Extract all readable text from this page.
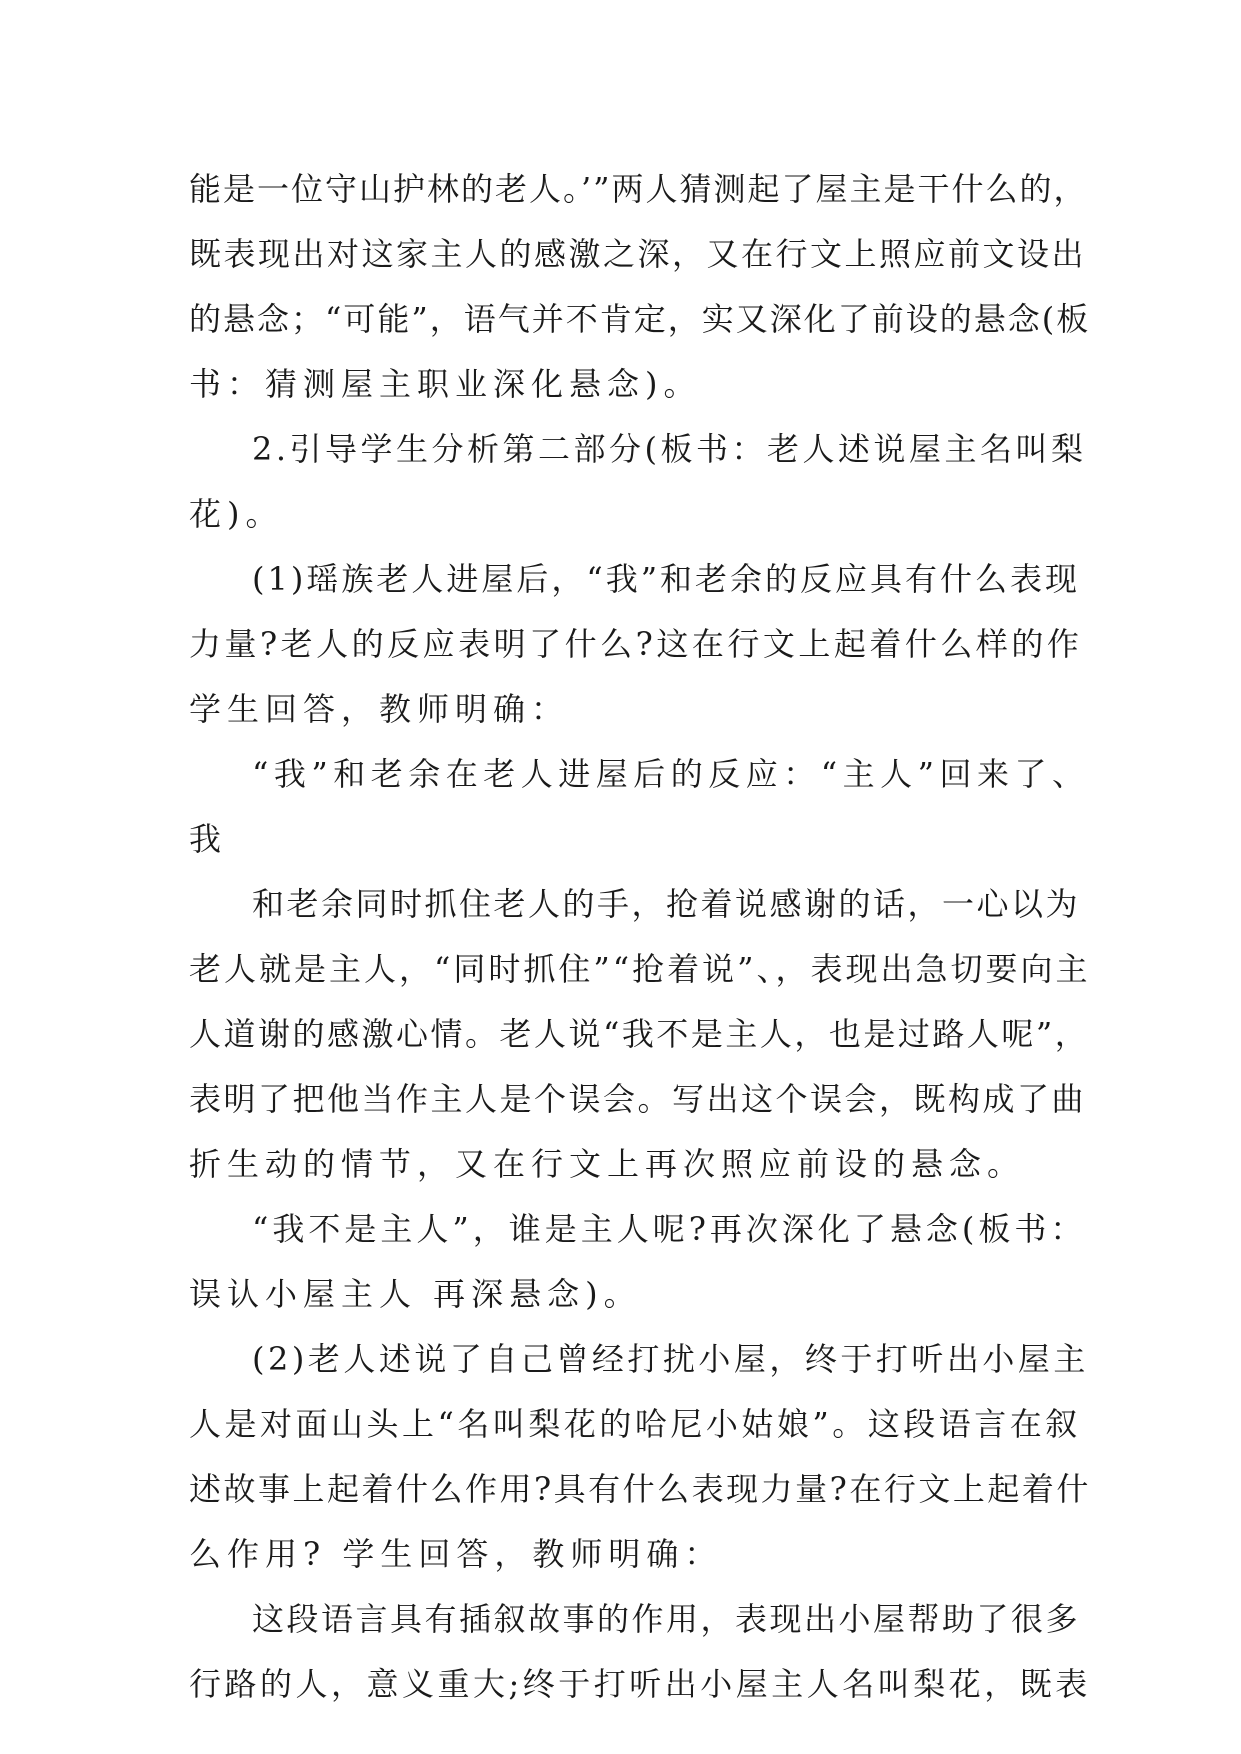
能是一位守山护林的老人。’”两人猜测起了屋主是干什么的，

既表现出对这家主人的感激之深，又在行文上照应前文设出

的悬念；“可能”，语气并不肯定，实又深化了前设的悬念(板

书：猜测屋主职业深化悬念)。

2.引导学生分析第二部分(板书：老人述说屋主名叫梨

花)。

(1)瑶族老人进屋后，“我”和老余的反应具有什么表现

力量?老人的反应表明了什么?这在行文上起着什么样的作

学生回答，教师明确：

“我”和老余在老人进屋后的反应：“主人”回来了、

我

和老余同时抓住老人的手，抢着说感谢的话，一心以为

老人就是主人，“同时抓住”“抢着说”、，表现出急切要向主

人道谢的感激心情。老人说“我不是主人，也是过路人呢”，

表明了把他当作主人是个误会。写出这个误会，既构成了曲

折生动的情节，又在行文上再次照应前设的悬念。

“我不是主人”，谁是主人呢?再次深化了悬念(板书：

误认小屋主人 再深悬念)。

(2)老人述说了自己曾经打扰小屋，终于打听出小屋主

人是对面山头上“名叫梨花的哈尼小姑娘”。这段语言在叙

述故事上起着什么作用?具有什么表现力量?在行文上起着什

么作用? 学生回答，教师明确：

这段语言具有插叙故事的作用，表现出小屋帮助了很多

行路的人，意义重大;终于打听出小屋主人名叫梨花，既表
